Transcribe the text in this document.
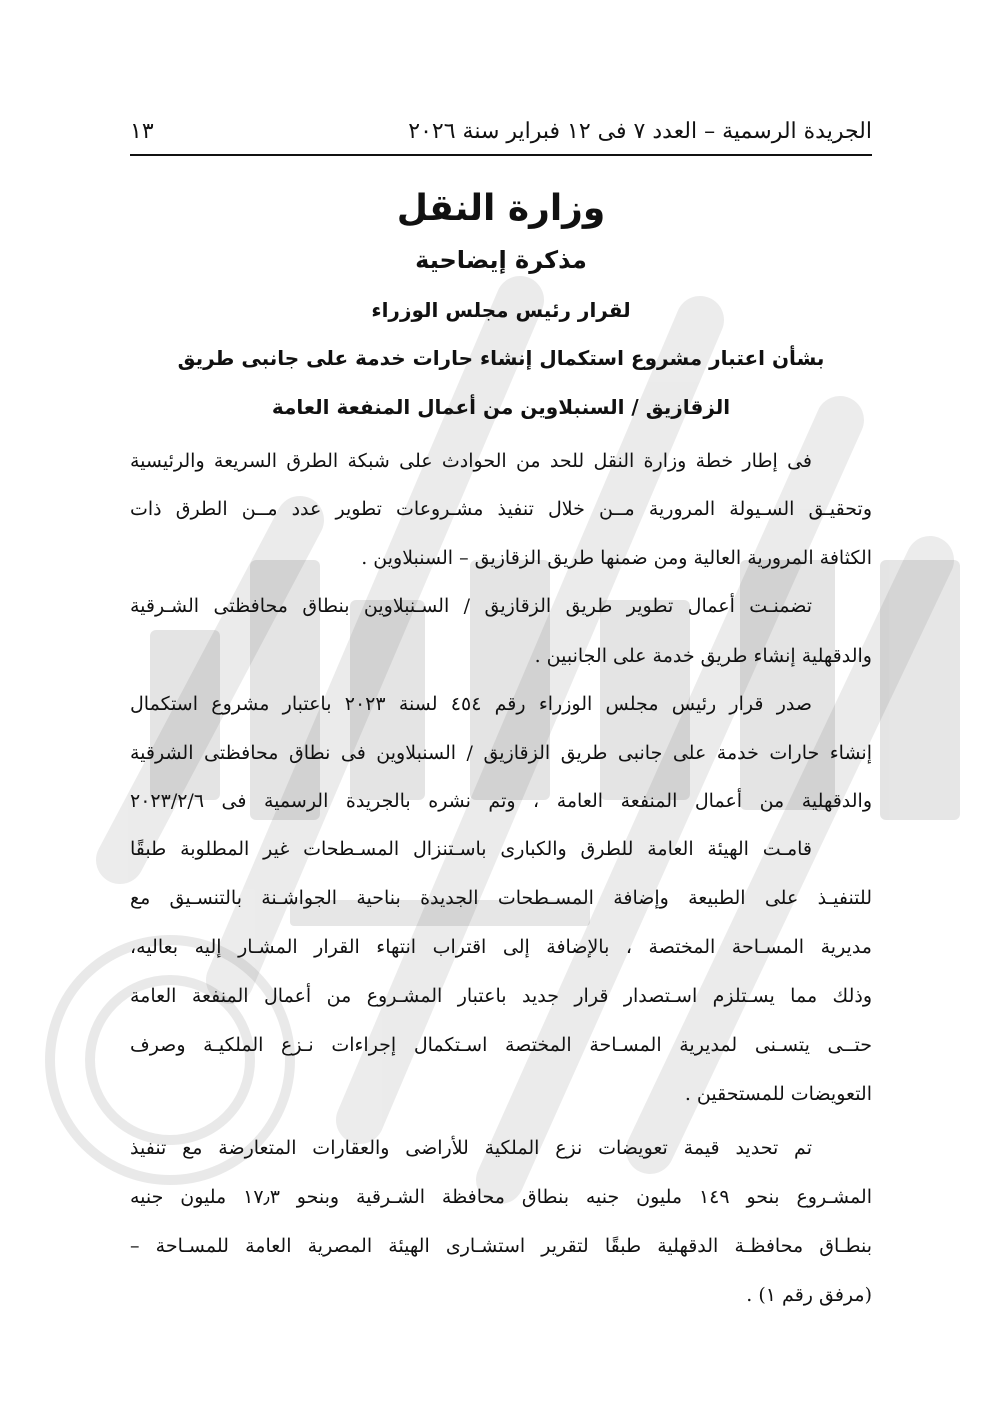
الجريدة الرسمية – العدد ٧ فى ١٢ فبراير سنة ٢٠٢٦
١٣
وزارة النقل
مذكرة إيضاحية
لقرار رئيس مجلس الوزراء
بشأن اعتبار مشروع استكمال إنشاء حارات خدمة على جانبى طريق
الزقازيق / السنبلاوين من أعمال المنفعة العامة
فى إطار خطة وزارة النقل للحد من الحوادث على شبكة الطرق السريعة والرئيسية
وتحقيـق السـيولة المرورية مــن خلال تنفيذ مشـروعات تطوير عدد مــن الطرق ذات
الكثافة المرورية العالية ومن ضمنها طريق الزقازيق – السنبلاوين .
تضمنـت أعمال تطوير طريق الزقازيق / السـنبلاوين بنطاق محافظتى الشـرقية
والدقهلية إنشاء طريق خدمة على الجانبين .
صدر قرار رئيس مجلس الوزراء رقم ٤٥٤ لسنة ٢٠٢٣ باعتبار مشروع استكمال
إنشاء حارات خدمة على جانبى طريق الزقازيق / السنبلاوين فى نطاق محافظتى الشرقية
والدقهلية من أعمال المنفعة العامة ، وتم نشره بالجريدة الرسمية فى ٢٠٢٣/٢/٦
قامـت الهيئة العامة للطرق والكبارى باسـتنزال المسـطحات غير المطلوبة طبقًا
للتنفيـذ على الطبيعة وإضافة المسـطحات الجديدة بناحية الجواشـنة بالتنسـيق مع
مديرية المسـاحة المختصة ، بالإضافة إلى اقتراب انتهاء القرار المشـار إليه بعاليه،
وذلك مما يسـتلزم اسـتصدار قرار جديد باعتبار المشـروع من أعمال المنفعة العامة
حتــى يتسـنى لمديرية المسـاحة المختصة اسـتكمال إجراءات نـزع الملكيـة وصرف
التعويضات للمستحقين .
تم تحديد قيمة تعويضات نزع الملكية للأراضى والعقارات المتعارضة مع تنفيذ
المشـروع بنحو ١٤٩ مليون جنيه بنطاق محافظة الشـرقية وبنحو ١٧٫٣ مليون جنيه
بنطـاق محافظـة الدقهلية طبقًا لتقرير استشـارى الهيئة المصرية العامة للمسـاحة –
(مرفق رقم ١) .
